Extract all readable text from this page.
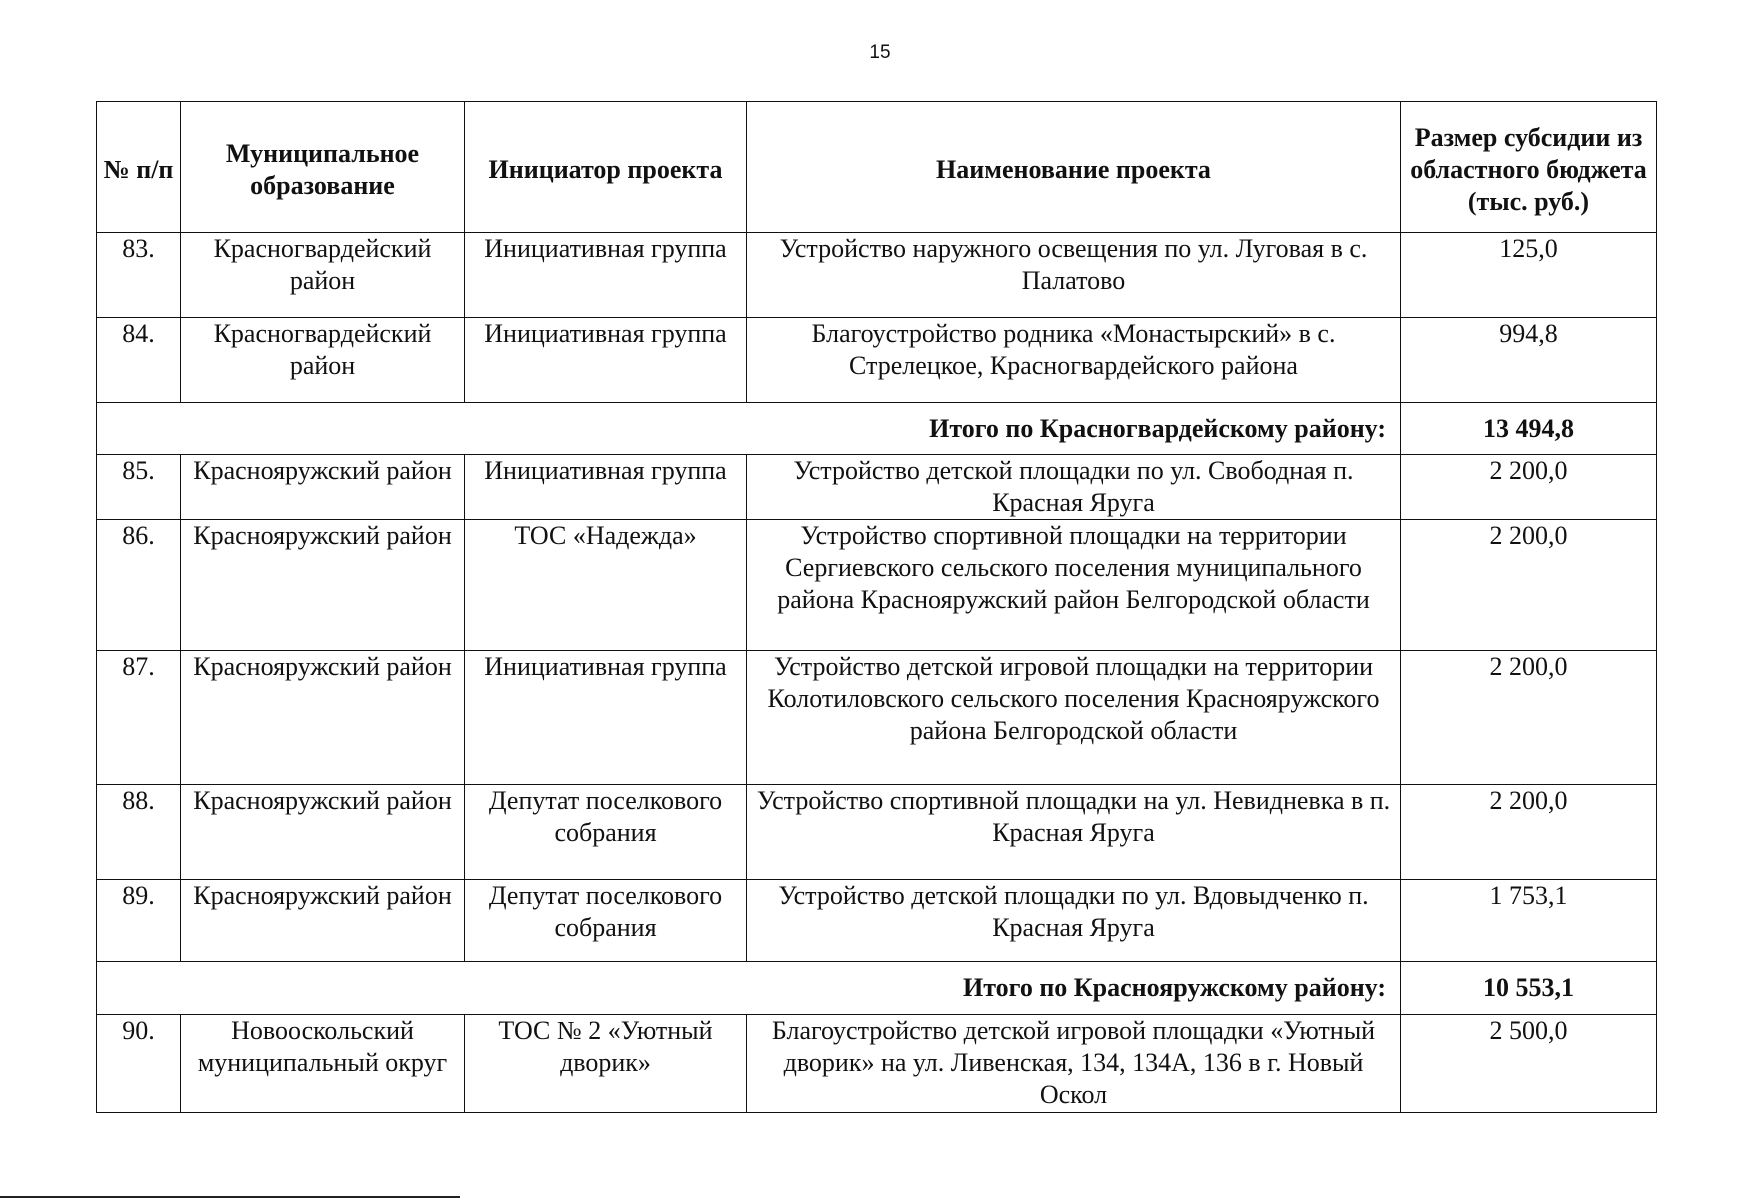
15
№ п/п	Муниципальное образование	Инициатор проекта	Наименование проекта	Размер субсидии из областного бюджета (тыс. руб.)
83.	Красногвардейский район	Инициативная группа	Устройство наружного освещения по ул. Луговая в с. Палатово	125,0
84.	Красногвардейский район	Инициативная группа	Благоустройство родника «Монастырский» в с. Стрелецкое, Красногвардейского района	994,8
Итого по Красногвардейскому району:				13 494,8
85.	Краснояружский район	Инициативная группа	Устройство детской площадки по ул. Свободная п. Красная Яруга	2 200,0
86.	Краснояружский район	ТОС «Надежда»	Устройство спортивной площадки на территории Сергиевского сельского поселения муниципального района Краснояружский район Белгородской области	2 200,0
87.	Краснояружский район	Инициативная группа	Устройство детской игровой площадки на территории Колотиловского сельского поселения Краснояружского района Белгородской области	2 200,0
88.	Краснояружский район	Депутат поселкового собрания	Устройство спортивной площадки на ул. Невидневка в п. Красная Яруга	2 200,0
89.	Краснояружский район	Депутат поселкового собрания	Устройство детской площадки по ул. Вдовыдченко п. Красная Яруга	1 753,1
Итого по Краснояружскому району:				10 553,1
90.	Новооскольский муниципальный округ	ТОС № 2 «Уютный дворик»	Благоустройство детской игровой площадки «Уютный дворик» на ул. Ливенская, 134, 134А, 136 в г. Новый Оскол	2 500,0
